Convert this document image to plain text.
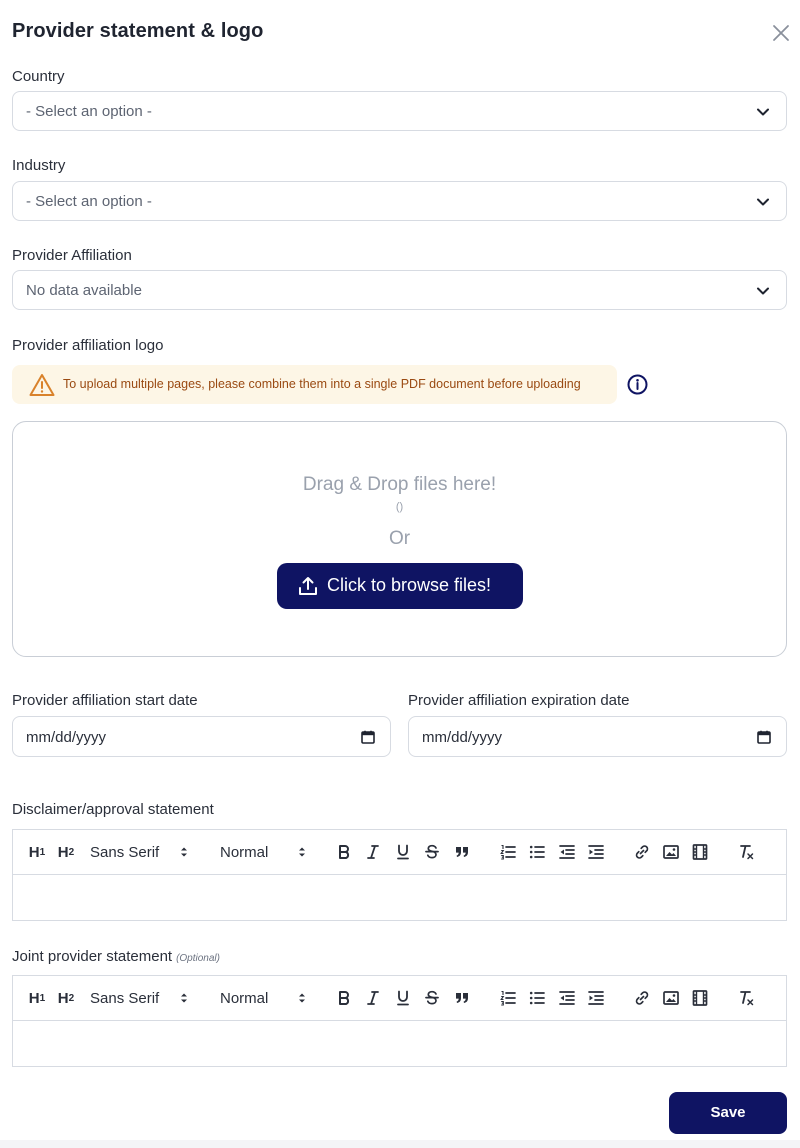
Provider statement & logo
Country
- Select an option -
Industry
- Select an option -
Provider Affiliation
No data available
Provider affiliation logo
To upload multiple pages, please combine them into a single PDF document before uploading
Drag & Drop files here!
()
Or
Click to browse files!
Provider affiliation start date	Provider affiliation expiration date
mm/dd/yyyy	mm/dd/yyyy
Disclaimer/approval statement
H 1 H 2 Sans Serif	Normal
Joint provider statement (Optional)
H 1 H 2 Sans Serif	Normal
Save
